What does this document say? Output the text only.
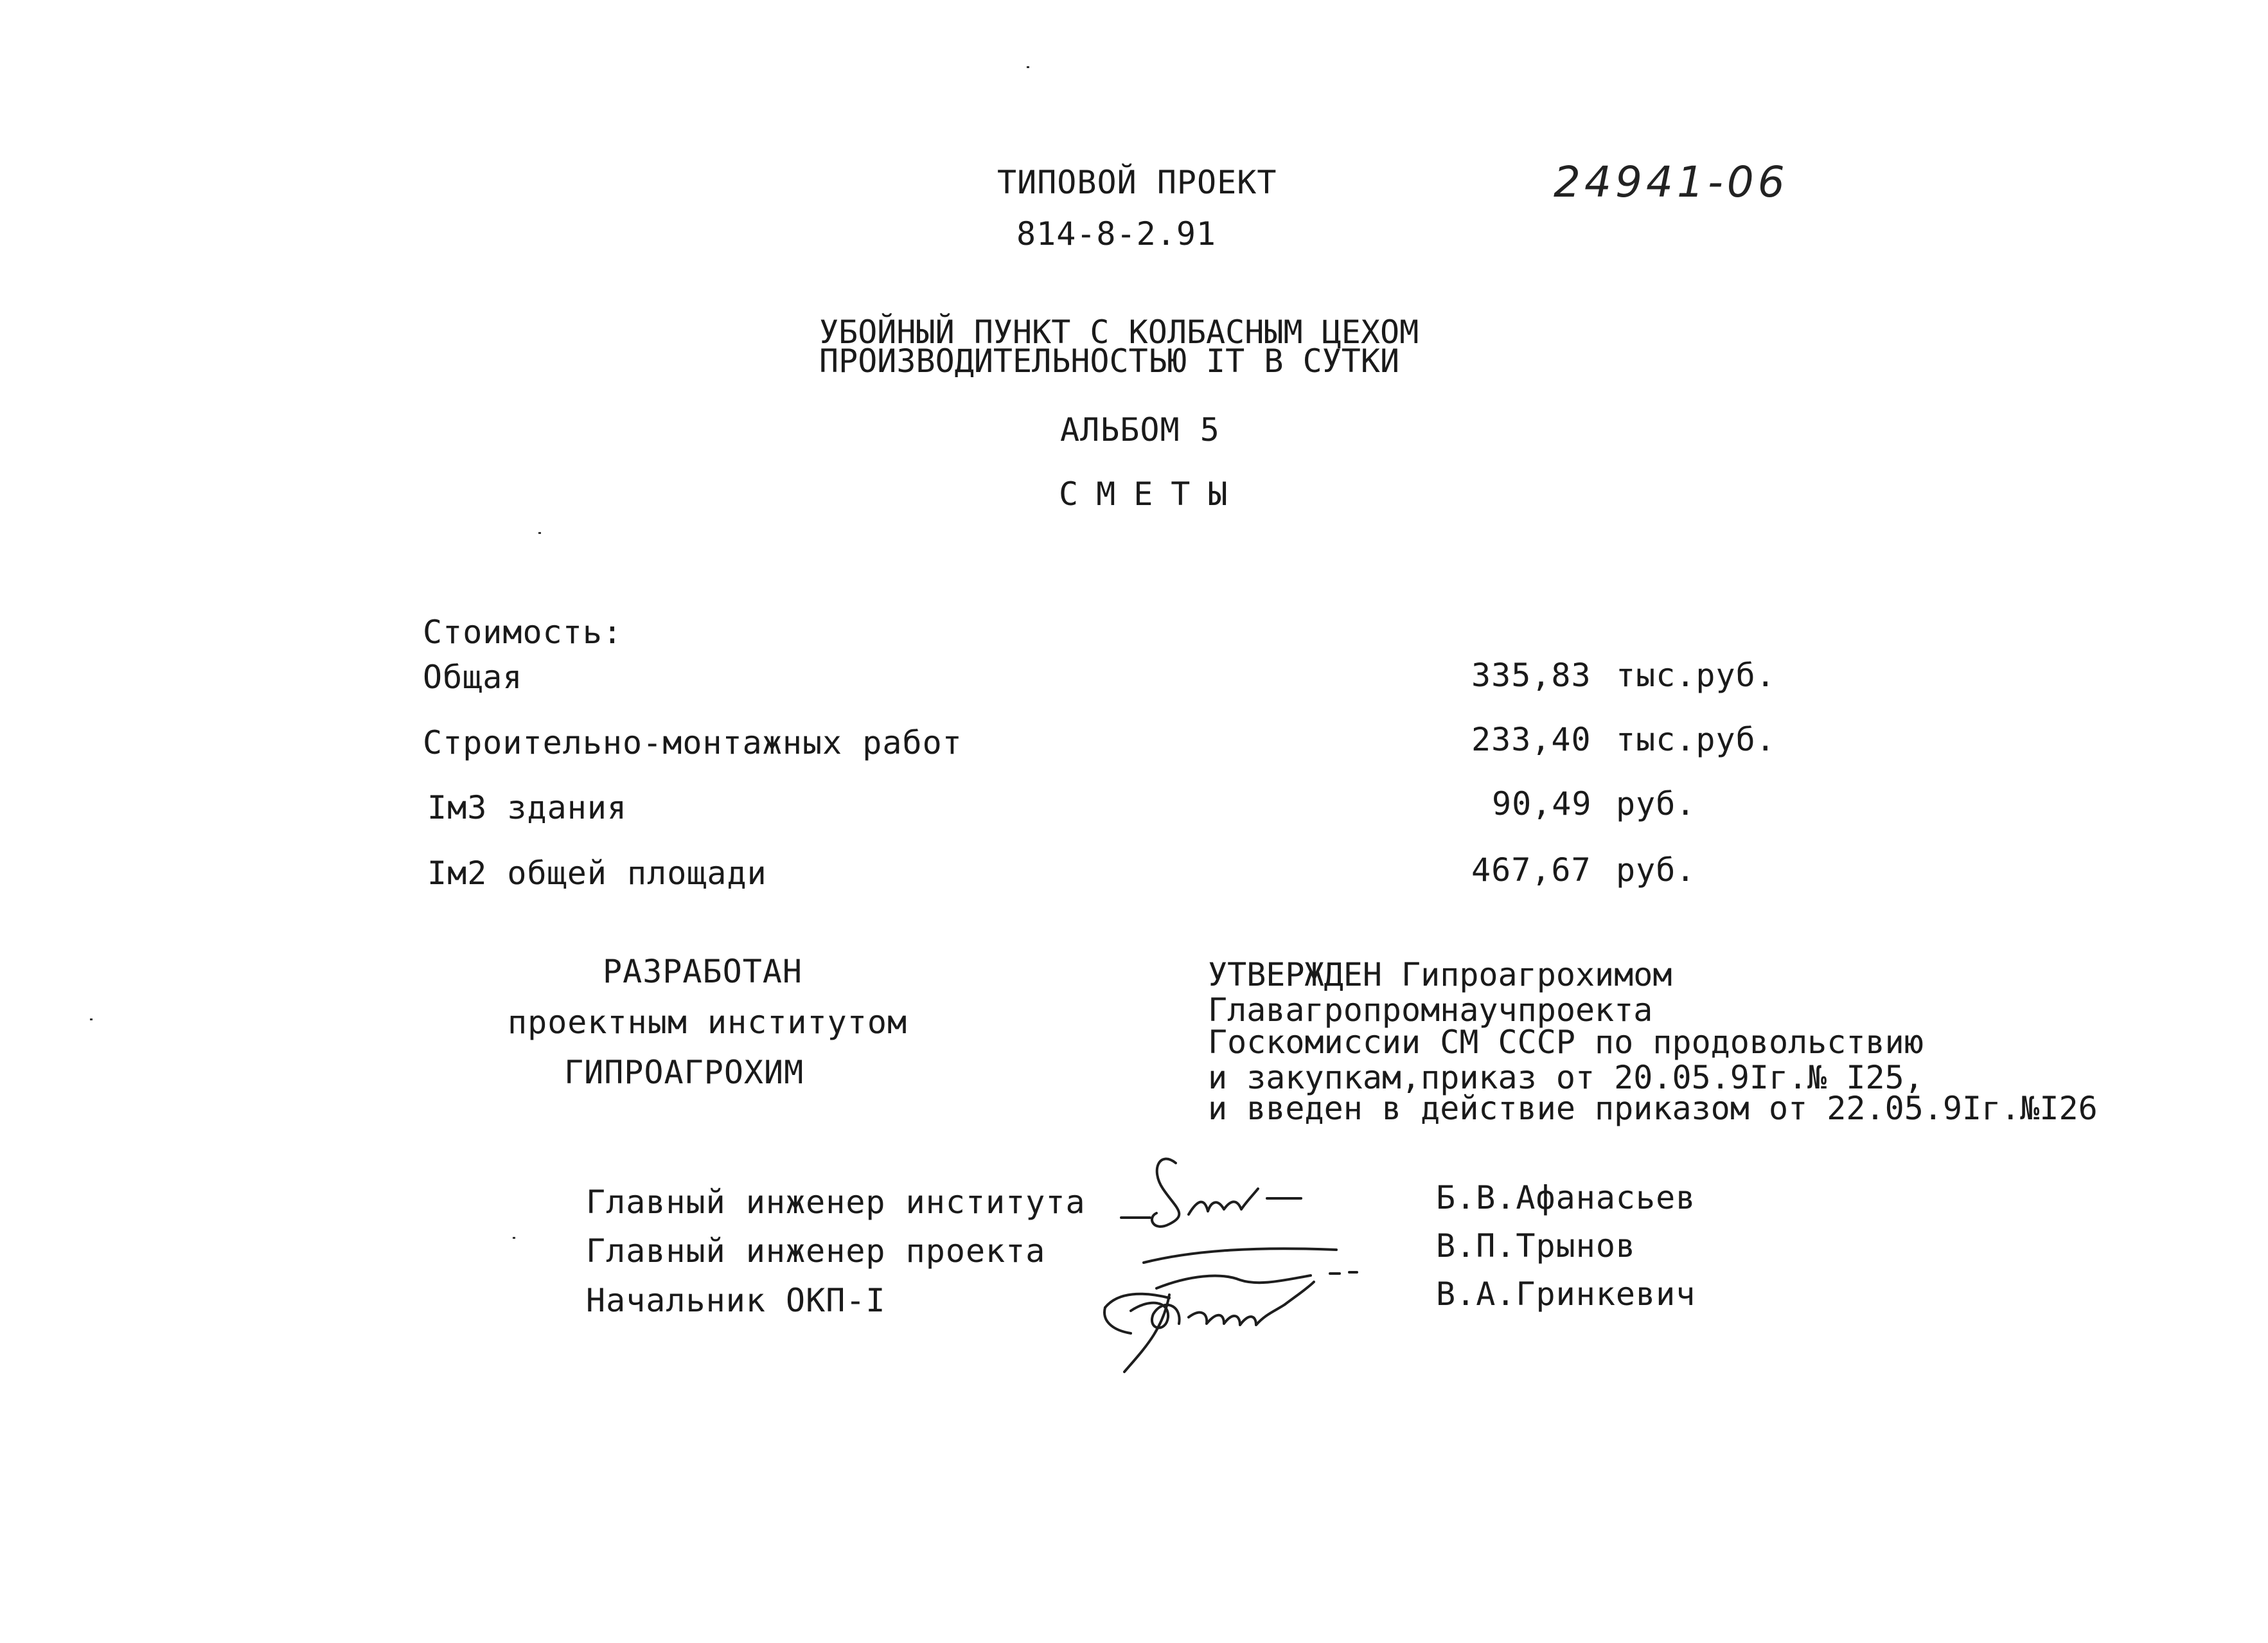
ТИПОВОЙ ПРОЕКТ
814-8-2.91
24941-06
УБОЙНЫЙ ПУНКТ С КОЛБАСНЫМ ЦЕХОМ
ПРОИЗВОДИТЕЛЬНОСТЬЮ IТ В СУТКИ
АЛЬБОМ 5
СМЕТЫ
Стоимость:
Общая	335,83 тыс.руб.
Строительно-монтажных работ	233,40 тыс.руб.
Iм3 здания	90,49 руб.
Iм2 общей площади	467,67 руб.
РАЗРАБОТАН
проектным институтом
ГИПРОАГРОХИМ
УТВЕРЖДЕН Гипроагрохимом
Главагропромнаучпроекта
Госкомиссии СМ СССР по продовольствию
и закупкам,приказ от 20.05.9Iг.№ I25,
и введен в действие приказом от 22.05.9Iг.№I26
Главный инженер института	Б.В.Афанасьев
Главный инженер проекта	В.П.Трынов
Начальник ОКП-I	В.А.Гринкевич
